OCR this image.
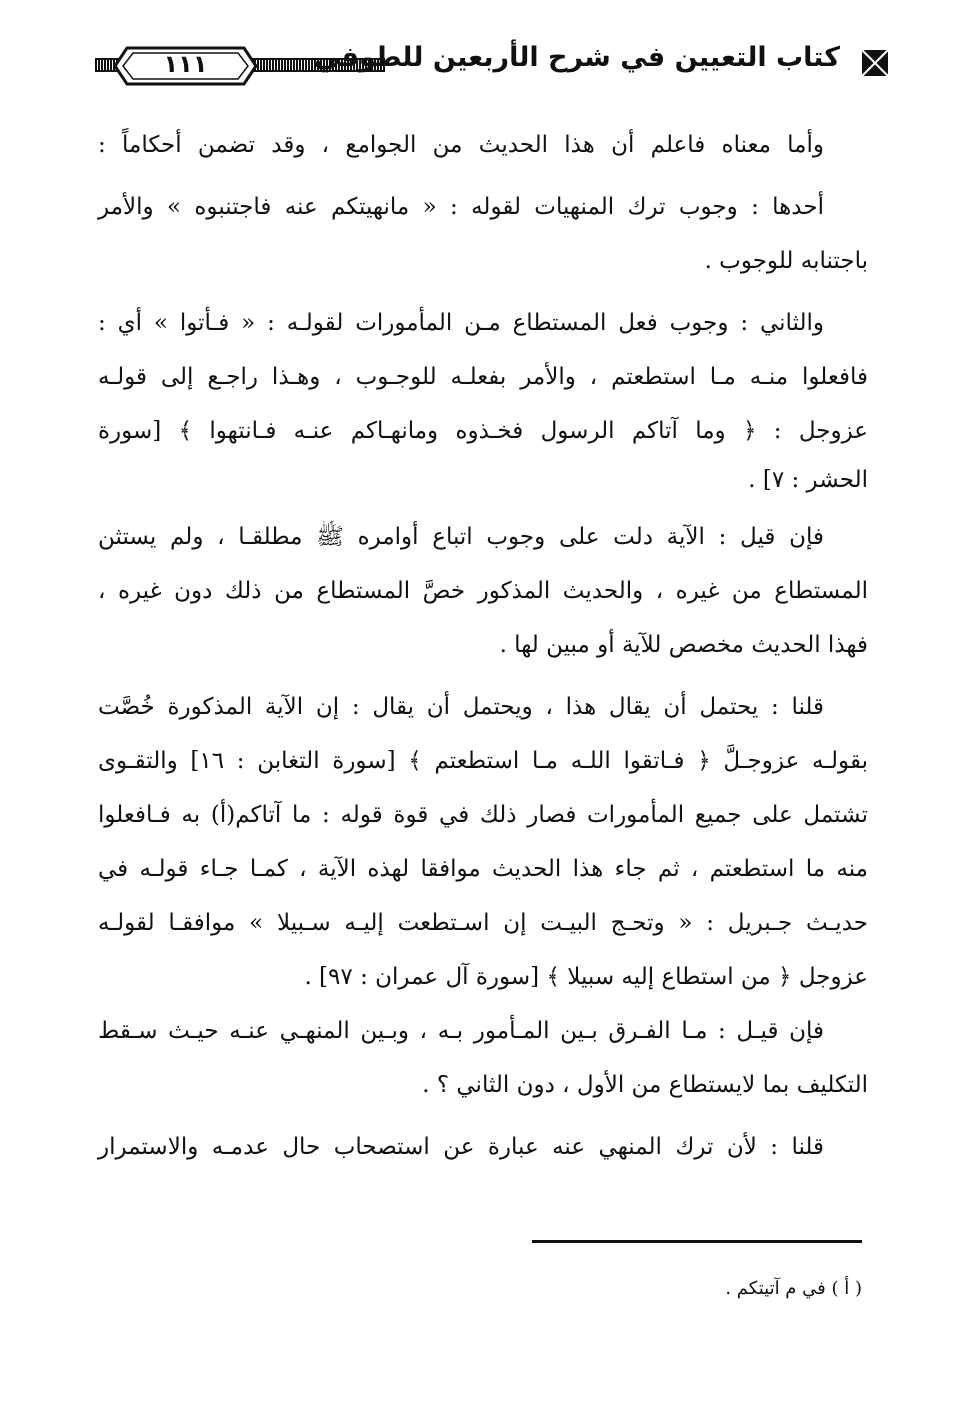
١١١	كتاب التعيين في شرح الأربعين للطوفي
وأما معناه فاعلم أن هذا الحديث من الجوامع ، وقد تضمن أحكاماً :
أحدها : وجوب ترك المنهيات لقوله : « مانهيتكم عنه فاجتنبوه » والأمر
باجتنابه للوجوب .
والثاني : وجوب فعل المستطاع مـن المأمورات لقولـه : « فـأتوا » أي :
فافعلوا منـه مـا استطعتم ، والأمر بفعلـه للوجـوب ، وهـذا راجـع إلى قولـه
عزوجل : ﴿ وما آتاكم الرسول فخـذوه ومانهـاكم عنـه فـانتهوا ﴾ [سورة
الحشر : ٧] .
فإن قيل : الآية دلت على وجوب اتباع أوامره ﷺ مطلقـا ، ولم يستثن
المستطاع من غيره ، والحديث المذكور خصَّ المستطاع من ذلك دون غيره ،
فهذا الحديث مخصص للآية أو مبين لها .
قلنا : يحتمل أن يقال هذا ، ويحتمل أن يقال : إن الآية المذكورة خُصَّت
بقولـه عزوجـلَّ ﴿ فـاتقوا اللـه مـا استطعتم ﴾ [سورة التغابن : ١٦] والتقـوى
تشتمل على جميع المأمورات فصار ذلك في قوة قوله : ما آتاكم(أ) به فـافعلوا
منه ما استطعتم ، ثم جاء هذا الحديث موافقا لهذه الآية ، كمـا جـاء قولـه في
حديـث جـبريل : « وتحـج البيـت إن اسـتطعت إليـه سـبيلا » موافقـا لقولـه
عزوجل ﴿ من استطاع إليه سبيلا ﴾ [سورة آل عمران : ٩٧] .
فإن قيـل : مـا الفـرق بـين المـأمور بـه ، وبـين المنهـي عنـه حيـث سـقط
التكليف بما لايستطاع من الأول ، دون الثاني ؟ .
قلنا : لأن ترك المنهي عنه عبارة عن استصحاب حال عدمـه والاستمرار
( أ ) في م آتيتكم .
